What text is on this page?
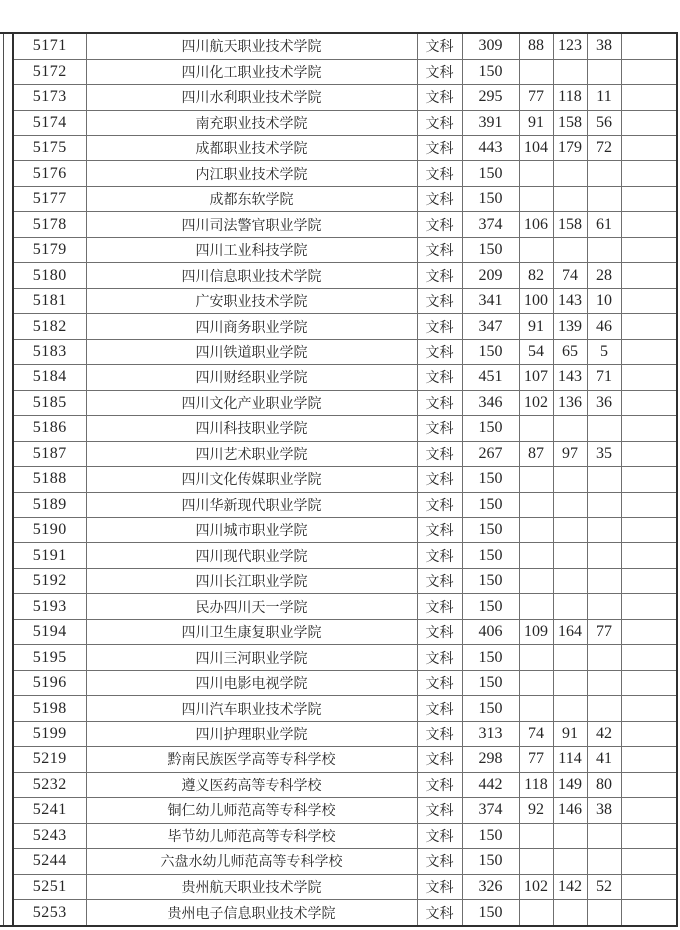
5171	四川航天职业技术学院	文科	309	88	123	38	
5172	四川化工职业技术学院	文科	150				
5173	四川水利职业技术学院	文科	295	77	118	11	
5174	南充职业技术学院	文科	391	91	158	56	
5175	成都职业技术学院	文科	443	104	179	72	
5176	内江职业技术学院	文科	150				
5177	成都东软学院	文科	150				
5178	四川司法警官职业学院	文科	374	106	158	61	
5179	四川工业科技学院	文科	150				
5180	四川信息职业技术学院	文科	209	82	74	28	
5181	广安职业技术学院	文科	341	100	143	10	
5182	四川商务职业学院	文科	347	91	139	46	
5183	四川铁道职业学院	文科	150	54	65	5	
5184	四川财经职业学院	文科	451	107	143	71	
5185	四川文化产业职业学院	文科	346	102	136	36	
5186	四川科技职业学院	文科	150				
5187	四川艺术职业学院	文科	267	87	97	35	
5188	四川文化传媒职业学院	文科	150				
5189	四川华新现代职业学院	文科	150				
5190	四川城市职业学院	文科	150				
5191	四川现代职业学院	文科	150				
5192	四川长江职业学院	文科	150				
5193	民办四川天一学院	文科	150				
5194	四川卫生康复职业学院	文科	406	109	164	77	
5195	四川三河职业学院	文科	150				
5196	四川电影电视学院	文科	150				
5198	四川汽车职业技术学院	文科	150				
5199	四川护理职业学院	文科	313	74	91	42	
5219	黔南民族医学高等专科学校	文科	298	77	114	41	
5232	遵义医药高等专科学校	文科	442	118	149	80	
5241	铜仁幼儿师范高等专科学校	文科	374	92	146	38	
5243	毕节幼儿师范高等专科学校	文科	150				
5244	六盘水幼儿师范高等专科学校	文科	150				
5251	贵州航天职业技术学院	文科	326	102	142	52	
5253	贵州电子信息职业技术学院	文科	150				
